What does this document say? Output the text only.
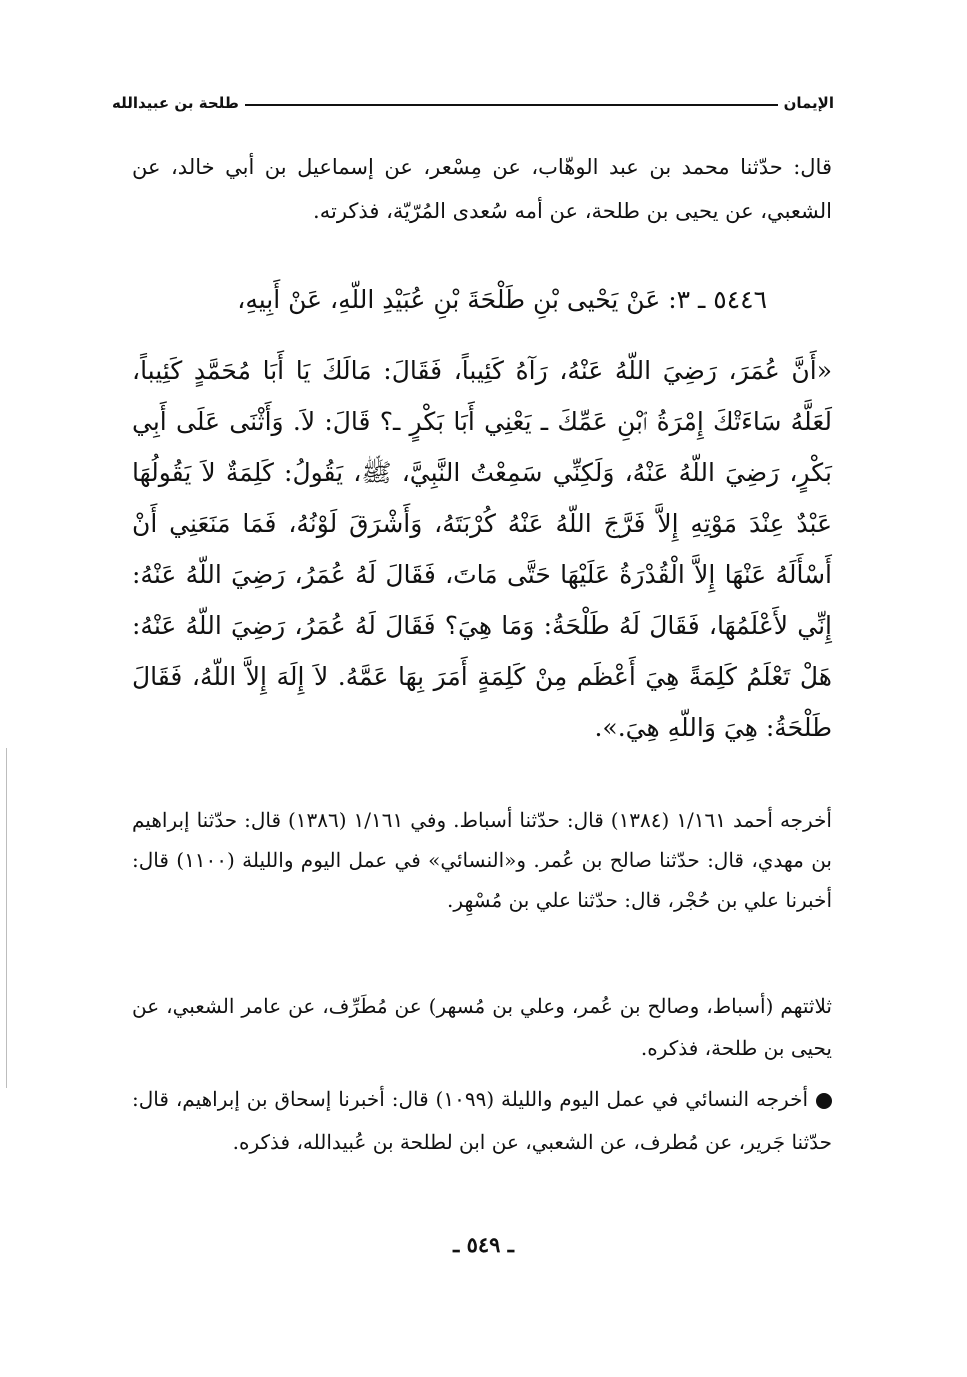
الإيمان
طلحة بن عبيدالله

قال: حدّثنا محمد بن عبد الوهّاب، عن مِسْعر، عن إسماعيل بن أبي خالد، عن الشعبي، عن يحيى بن طلحة، عن أمه سُعدى المُرّيّة، فذكرته.

٥٤٤٦ ـ ٣: عَنْ يَحْيى بْنِ طَلْحَةَ بْنِ عُبَيْدِ اللّهِ، عَنْ أَبِيهِ،

«أَنَّ عُمَرَ، رَضِيَ اللّهُ عَنْهُ، رَآهُ كَئِيباً، فَقَالَ: مَالَكَ يَا أَبَا مُحَمَّدٍ كَئِيباً، لَعَلَّهُ سَاءَتْكَ إِمْرَةُ ٱبْنِ عَمِّكَ ـ يَعْنِي أَبَا بَكْرٍ ـ؟ قَالَ: لاَ. وَأَثْنَى عَلَى أَبِي بَكْرٍ، رَضِيَ اللّهُ عَنْهُ، وَلَكِنِّي سَمِعْتُ النَّبِيَّ، ﷺ، يَقُولُ: كَلِمَةٌ لاَ يَقُولُهَا عَبْدٌ عِنْدَ مَوْتِهِ إِلاَّ فَرَّجَ اللّهُ عَنْهُ كُرْبَتَهُ، وَأَشْرَقَ لَوْنُهُ، فَمَا مَنَعَنِي أَنْ أَسْأَلَهُ عَنْهَا إِلاَّ الْقُدْرَةُ عَلَيْهَا حَتَّى مَاتَ، فَقَالَ لَهُ عُمَرُ، رَضِيَ اللّهُ عَنْهُ: إِنِّي لأَعْلَمُهَا، فَقَالَ لَهُ طَلْحَةُ: وَمَا هِيَ؟ فَقَالَ لَهُ عُمَرُ، رَضِيَ اللّهُ عَنْهُ: هَلْ تَعْلَمُ كَلِمَةً هِيَ أَعْظَم مِنْ كَلِمَةٍ أَمَرَ بِهَا عَمَّهُ. لاَ إِلَهَ إِلاَّ اللّهُ، فَقَالَ طَلْحَةُ: هِيَ وَاللّهِ هِيَ.».

أخرجه أحمد ١/١٦١ (١٣٨٤) قال: حدّثنا أسباط. وفي ١/١٦١ (١٣٨٦) قال: حدّثنا إبراهيم بن مهدي، قال: حدّثنا صالح بن عُمر. و«النسائي» في عمل اليوم والليلة (١١٠٠) قال: أخبرنا علي بن حُجْر، قال: حدّثنا علي بن مُسْهِر.

ثلاثتهم (أسباط، وصالح بن عُمر، وعلي بن مُسهر) عن مُطَرِّف، عن عامر الشعبي، عن يحيى بن طلحة، فذكره.

أخرجه النسائي في عمل اليوم والليلة (١٠٩٩) قال: أخبرنا إسحاق بن إبراهيم، قال: حدّثنا جَرير، عن مُطرف، عن الشعبي، عن ابن لطلحة بن عُبيدالله، فذكره.

ـ ٥٤٩ ـ
